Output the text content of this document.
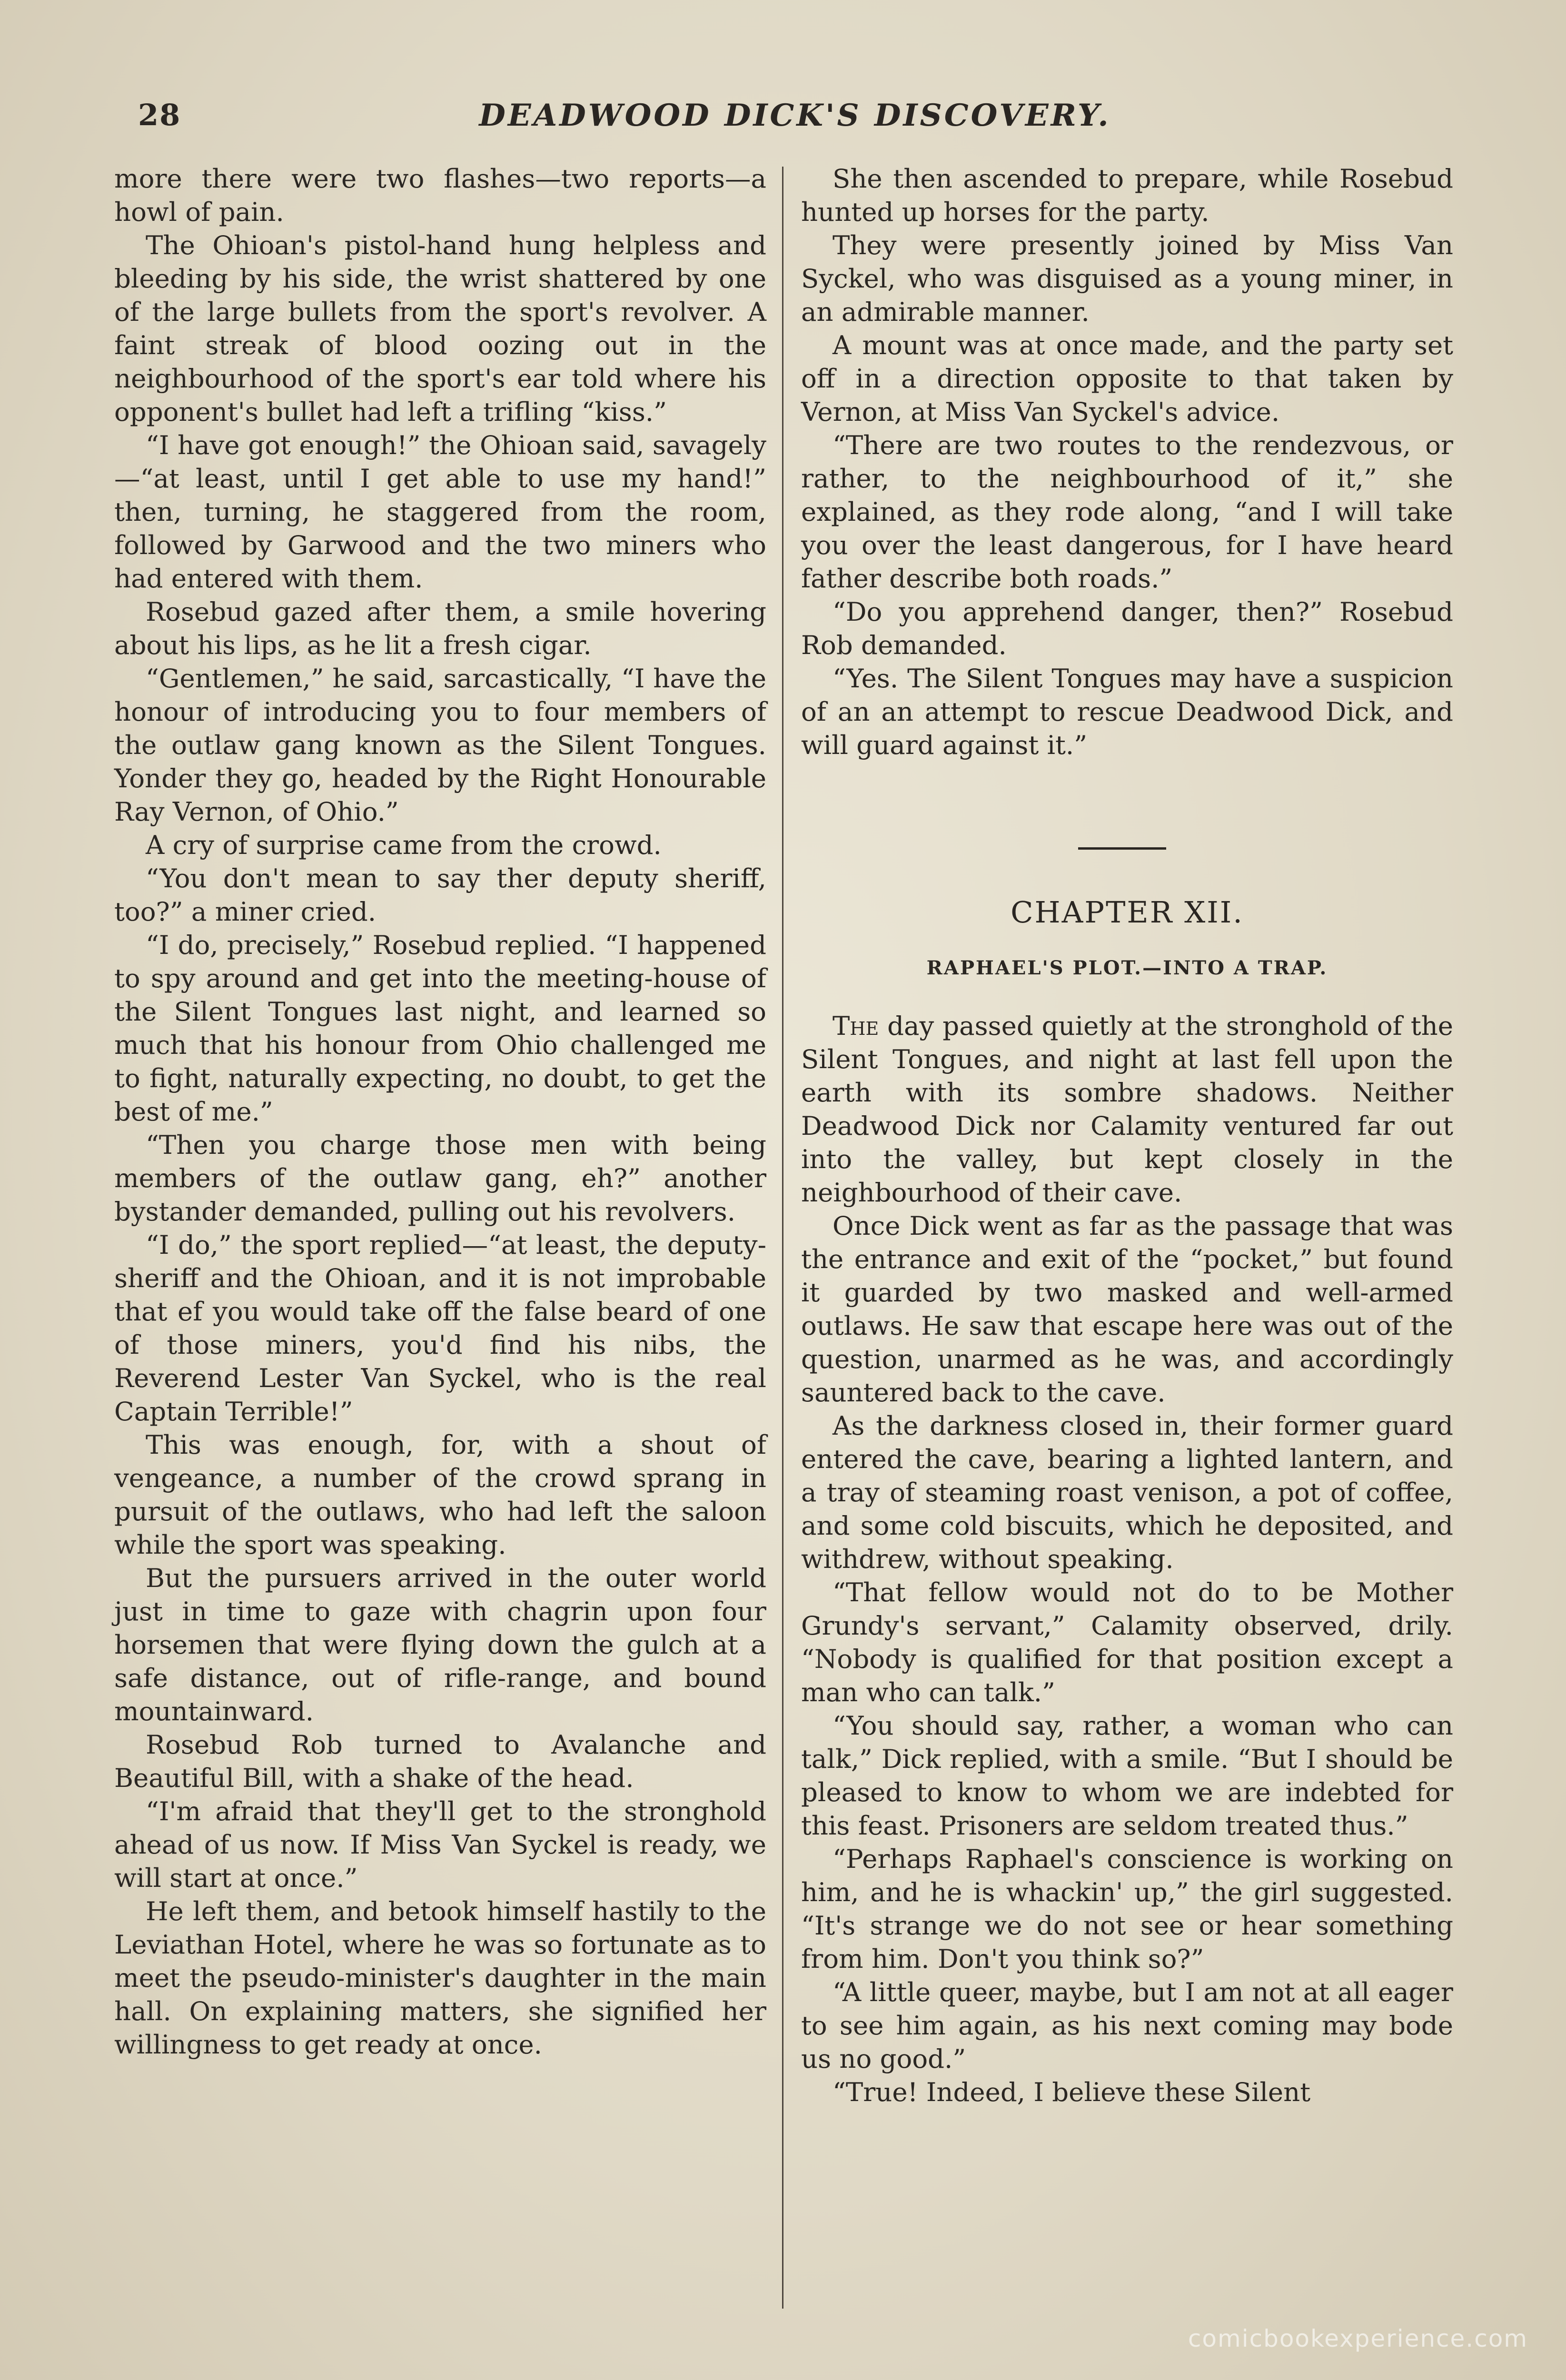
28	DEADWOOD DICK'S DISCOVERY.

more there were two flashes—two reports—a howl of pain.

The Ohioan's pistol-hand hung helpless and bleeding by his side, the wrist shattered by one of the large bullets from the sport's revolver. A faint streak of blood oozing out in the neighbourhood of the sport's ear told where his opponent's bullet had left a trifling “kiss.”

“I have got enough!” the Ohioan said, savagely—“at least, until I get able to use my hand!” then, turning, he staggered from the room, followed by Garwood and the two miners who had entered with them.

Rosebud gazed after them, a smile hovering about his lips, as he lit a fresh cigar.

“Gentlemen,” he said, sarcastically, “I have the honour of introducing you to four members of the outlaw gang known as the Silent Tongues. Yonder they go, headed by the Right Honourable Ray Vernon, of Ohio.”

A cry of surprise came from the crowd.

“You don't mean to say ther deputy sheriff, too?” a miner cried.

“I do, precisely,” Rosebud replied. “I happened to spy around and get into the meeting-house of the Silent Tongues last night, and learned so much that his honour from Ohio challenged me to fight, naturally expecting, no doubt, to get the best of me.”

“Then you charge those men with being members of the outlaw gang, eh?” another bystander demanded, pulling out his revolvers.

“I do,” the sport replied—“at least, the deputy-sheriff and the Ohioan, and it is not improbable that ef you would take off the false beard of one of those miners, you'd find his nibs, the Reverend Lester Van Syckel, who is the real Captain Terrible!”

This was enough, for, with a shout of vengeance, a number of the crowd sprang in pursuit of the outlaws, who had left the saloon while the sport was speaking.

But the pursuers arrived in the outer world just in time to gaze with chagrin upon four horsemen that were flying down the gulch at a safe distance, out of rifle-range, and bound mountainward.

Rosebud Rob turned to Avalanche and Beautiful Bill, with a shake of the head.

“I'm afraid that they'll get to the stronghold ahead of us now. If Miss Van Syckel is ready, we will start at once.”

He left them, and betook himself hastily to the Leviathan Hotel, where he was so fortunate as to meet the pseudo-minister's daughter in the main hall. On explaining matters, she signified her willingness to get ready at once.

She then ascended to prepare, while Rosebud hunted up horses for the party.

They were presently joined by Miss Van Syckel, who was disguised as a young miner, in an admirable manner.

A mount was at once made, and the party set off in a direction opposite to that taken by Vernon, at Miss Van Syckel's advice.

“There are two routes to the rendezvous, or rather, to the neighbourhood of it,” she explained, as they rode along, “and I will take you over the least dangerous, for I have heard father describe both roads.”

“Do you apprehend danger, then?” Rosebud Rob demanded.

“Yes. The Silent Tongues may have a suspicion of an an attempt to rescue Deadwood Dick, and will guard against it.”

CHAPTER XII.
RAPHAEL'S PLOT.—INTO A TRAP.

The day passed quietly at the stronghold of the Silent Tongues, and night at last fell upon the earth with its sombre shadows. Neither Deadwood Dick nor Calamity ventured far out into the valley, but kept closely in the neighbourhood of their cave.

Once Dick went as far as the passage that was the entrance and exit of the “pocket,” but found it guarded by two masked and well-armed outlaws. He saw that escape here was out of the question, unarmed as he was, and accordingly sauntered back to the cave.

As the darkness closed in, their former guard entered the cave, bearing a lighted lantern, and a tray of steaming roast venison, a pot of coffee, and some cold biscuits, which he deposited, and withdrew, without speaking.

“That fellow would not do to be Mother Grundy's servant,” Calamity observed, drily. “Nobody is qualified for that position except a man who can talk.”

“You should say, rather, a woman who can talk,” Dick replied, with a smile. “But I should be pleased to know to whom we are indebted for this feast. Prisoners are seldom treated thus.”

“Perhaps Raphael's conscience is working on him, and he is whackin' up,” the girl suggested. “It's strange we do not see or hear something from him. Don't you think so?”

“A little queer, maybe, but I am not at all eager to see him again, as his next coming may bode us no good.”

“True! Indeed, I believe these Silent

comicbookexperience.com
